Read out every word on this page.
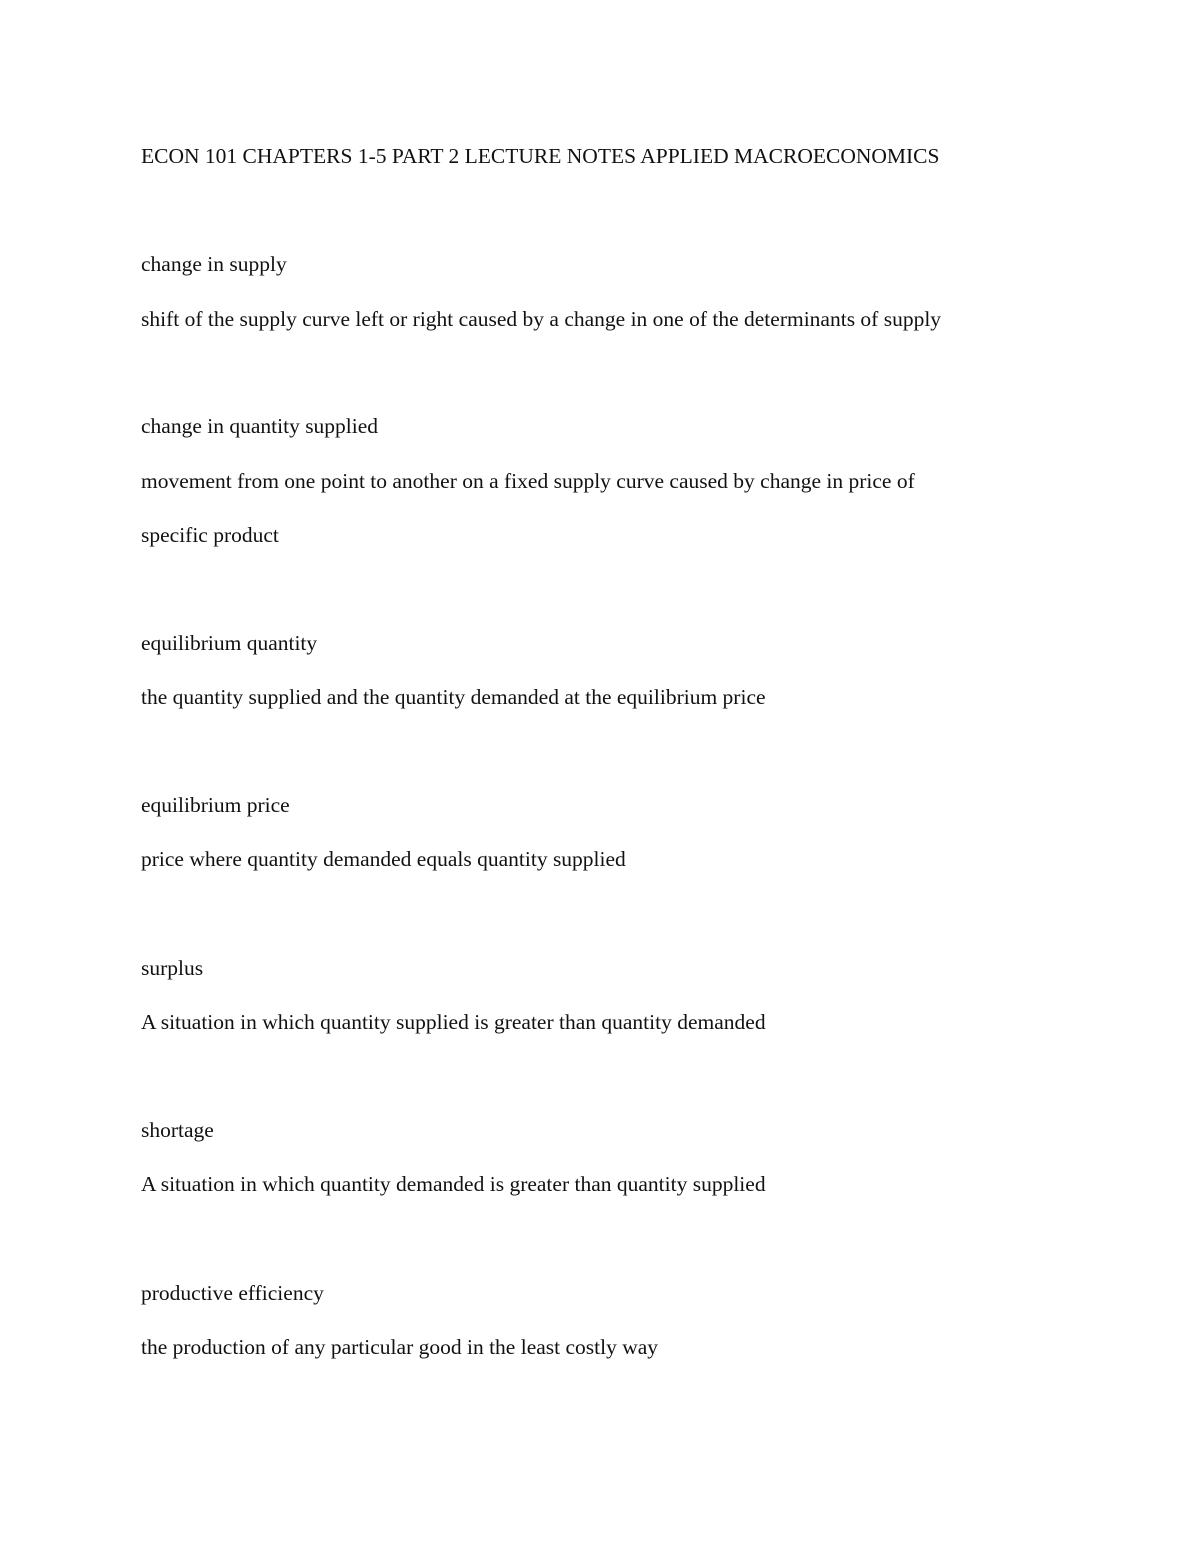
ECON 101 CHAPTERS 1-5 PART 2 LECTURE NOTES APPLIED MACROECONOMICS
change in supply
shift of the supply curve left or right caused by a change in one of the determinants of supply
change in quantity supplied
movement from one point to another on a fixed supply curve caused by change in price of
specific product
equilibrium quantity
the quantity supplied and the quantity demanded at the equilibrium price
equilibrium price
price where quantity demanded equals quantity supplied
surplus
A situation in which quantity supplied is greater than quantity demanded
shortage
A situation in which quantity demanded is greater than quantity supplied
productive efficiency
the production of any particular good in the least costly way
